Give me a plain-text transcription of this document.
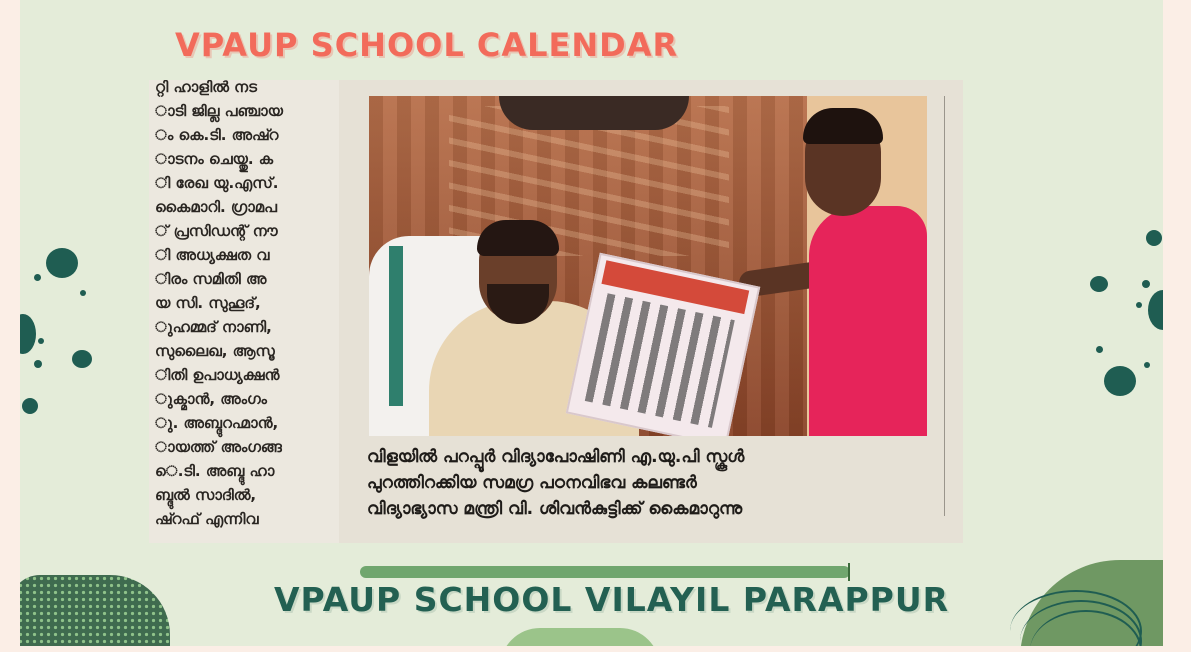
VPAUP SCHOOL CALENDAR
റ്റി ഹാളിൽ നട
ാടി ജില്ല പഞ്ചായ
ം കെ.ടി. അഷ്റ
ാടനം ചെയ്തു. ക
ി രേഖ യു.എസ്.
കൈമാറി. ഗ്രാമപ
് പ്രസിഡന്റ് നൗ
ി അധ്യക്ഷത വ
ിരം സമിതി അ
യ സി. സുഹൂദ്,
ുഹമ്മദ് നാണി,
സുലൈഖ, ആസൂ
ിതി ഉപാധ്യക്ഷൻ
ുക്മാൻ, അംഗം
ു. അബ്ദുറഹ്മാൻ,
ായത്ത് അംഗങ്ങ
െ.ടി. അബ്ദു ഹാ
ബ്ദുൽ സാദിൽ,
ഷ്റഫ് എന്നിവ
വിളയിൽ പറപ്പൂർ വിദ്യാപോഷിണി എ.യു.പി സ്കൂൾ
പുറത്തിറക്കിയ സമഗ്ര പഠനവിഭവ കലണ്ടർ
വിദ്യാഭ്യാസ മന്ത്രി വി. ശിവൻകുട്ടിക്ക് കൈമാറുന്നു
VPAUP SCHOOL VILAYIL PARAPPUR
